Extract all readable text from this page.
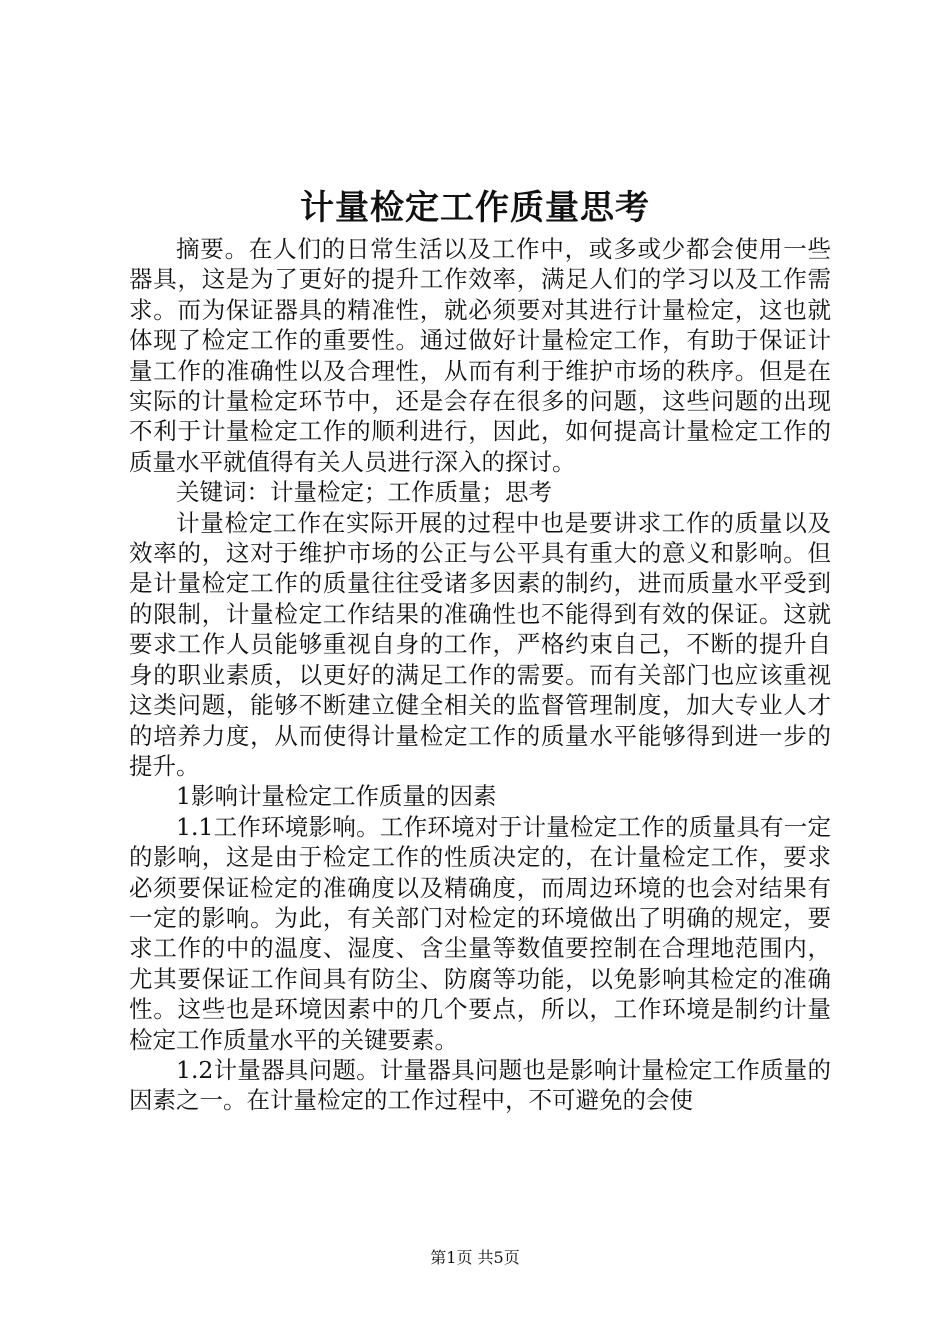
计量检定工作质量思考

摘要。在人们的日常生活以及工作中，或多或少都会使用一些器具，这是为了更好的提升工作效率，满足人们的学习以及工作需求。而为保证器具的精准性，就必须要对其进行计量检定，这也就体现了检定工作的重要性。通过做好计量检定工作，有助于保证计量工作的准确性以及合理性，从而有利于维护市场的秩序。但是在实际的计量检定环节中，还是会存在很多的问题，这些问题的出现不利于计量检定工作的顺利进行，因此，如何提高计量检定工作的质量水平就值得有关人员进行深入的探讨。

关键词：计量检定；工作质量；思考

计量检定工作在实际开展的过程中也是要讲求工作的质量以及效率的，这对于维护市场的公正与公平具有重大的意义和影响。但是计量检定工作的质量往往受诸多因素的制约，进而质量水平受到的限制，计量检定工作结果的准确性也不能得到有效的保证。这就要求工作人员能够重视自身的工作，严格约束自己，不断的提升自身的职业素质，以更好的满足工作的需要。而有关部门也应该重视这类问题，能够不断建立健全相关的监督管理制度，加大专业人才的培养力度，从而使得计量检定工作的质量水平能够得到进一步的提升。

1影响计量检定工作质量的因素

1.1工作环境影响。工作环境对于计量检定工作的质量具有一定的影响，这是由于检定工作的性质决定的，在计量检定工作，要求必须要保证检定的准确度以及精确度，而周边环境的也会对结果有一定的影响。为此，有关部门对检定的环境做出了明确的规定，要求工作的中的温度、湿度、含尘量等数值要控制在合理地范围内，尤其要保证工作间具有防尘、防腐等功能，以免影响其检定的准确性。这些也是环境因素中的几个要点，所以，工作环境是制约计量检定工作质量水平的关键要素。

1.2计量器具问题。计量器具问题也是影响计量检定工作质量的因素之一。在计量检定的工作过程中，不可避免的会使

第1页 共5页
